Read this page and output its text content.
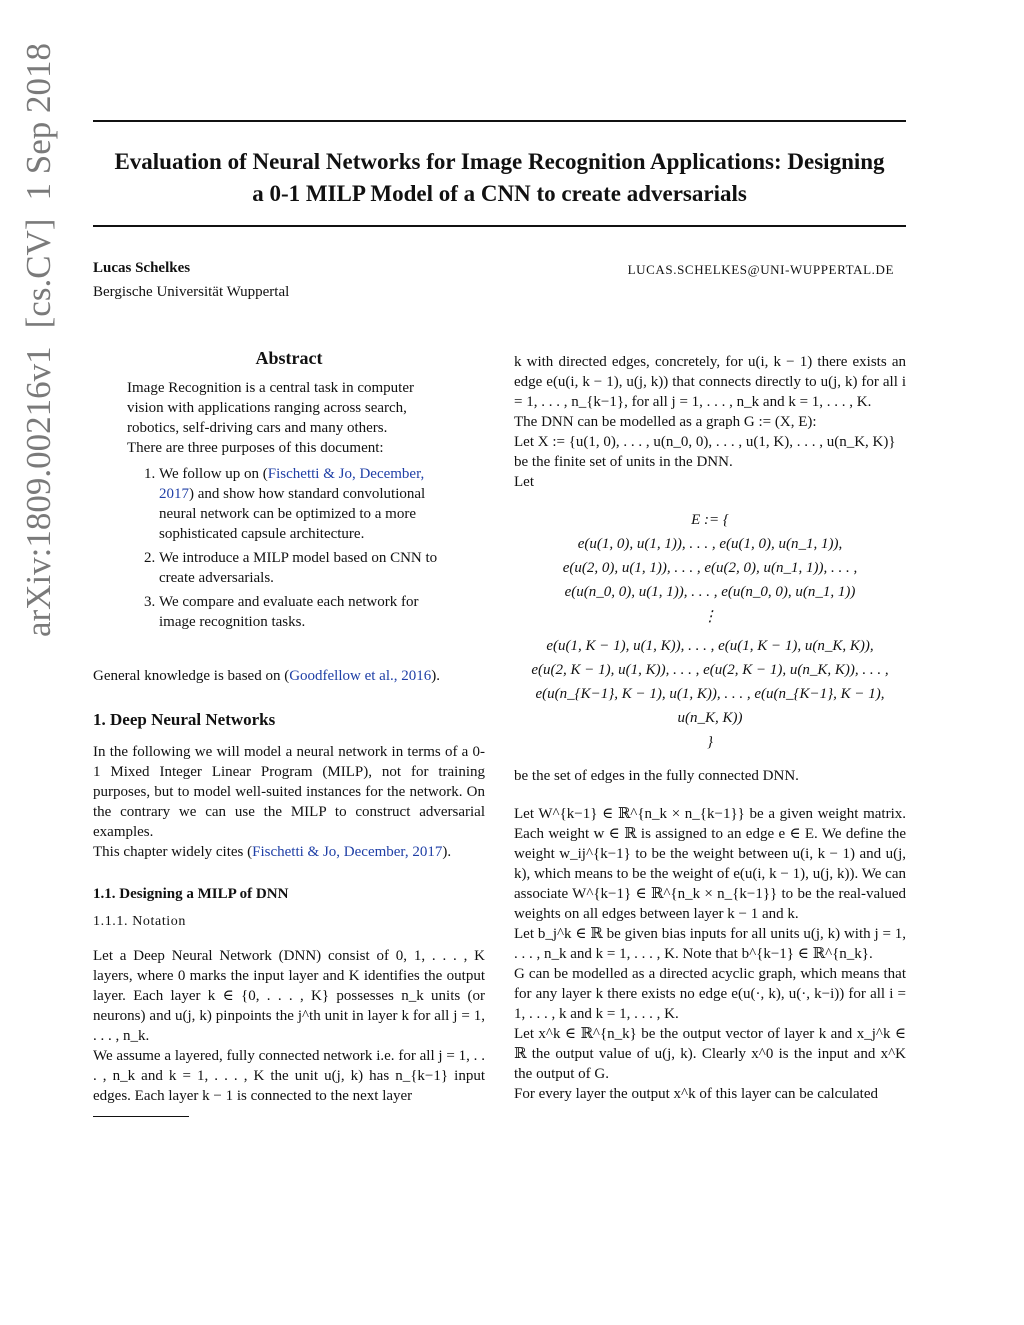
Evaluation of Neural Networks for Image Recognition Applications: Designing
a 0-1 MILP Model of a CNN to create adversarials
Lucas Schelkes	LUCAS.SCHELKES@UNI-WUPPERTAL.DE
Bergische Universität Wuppertal
arXiv:1809.00216v1
[cs.CV]
1 Sep 2018
Abstract

Image Recognition is a central task in computer vision with applications ranging across search, robotics, self-driving cars and many others.

There are three purposes of this document:

1. We follow up on (Fischetti & Jo, December, 2017) and show how standard convolutional neural network can be optimized to a more sophisticated capsule architecture.
2. We introduce a MILP model based on CNN to create adversarials.
3. We compare and evaluate each network for image recognition tasks.

General knowledge is based on (Goodfellow et al., 2016).

1. Deep Neural Networks

In the following we will model a neural network in terms of a 0-1 Mixed Integer Linear Program (MILP), not for training purposes, but to model well-suited instances for the network. On the contrary we can use the MILP to construct adversarial examples.

This chapter widely cites (Fischetti & Jo, December, 2017).

1.1. Designing a MILP of DNN
1.1.1. Notation

Let a Deep Neural Network (DNN) consist of 0, 1, . . . , K layers, where 0 marks the input layer and K identifies the output layer. Each layer k ∈ {0, . . . , K} possesses n_k units (or neurons) and u(j, k) pinpoints the j^th unit in layer k for all j = 1, . . . , n_k.

We assume a layered, fully connected network i.e. for all j = 1, . . . , n_k and k = 1, . . . , K the unit u(j, k) has n_{k−1} input edges. Each layer k − 1 is connected to the next layer

k with directed edges, concretely, for u(i, k − 1) there exists an edge e(u(i, k − 1), u(j, k)) that connects directly to u(j, k) for all i = 1, . . . , n_{k−1}, for all j = 1, . . . , n_k and k = 1, . . . , K.

The DNN can be modelled as a graph G := (X, E):

Let X := {u(1, 0), . . . , u(n_0, 0), . . . , u(1, K), . . . , u(n_K, K)} be the finite set of units in the DNN.

Let

E := {
e(u(1, 0), u(1, 1)), . . . , e(u(1, 0), u(n_1, 1)),
e(u(2, 0), u(1, 1)), . . . , e(u(2, 0), u(n_1, 1)), . . . ,
e(u(n_0, 0), u(1, 1)), . . . , e(u(n_0, 0), u(n_1, 1))
⋮
e(u(1, K − 1), u(1, K)), . . . , e(u(1, K − 1), u(n_K, K)),
e(u(2, K − 1), u(1, K)), . . . , e(u(2, K − 1), u(n_K, K)), . . . ,
e(u(n_{K−1}, K − 1), u(1, K)), . . . , e(u(n_{K−1}, K − 1), u(n_K, K))
}

be the set of edges in the fully connected DNN.

Let W^{k−1} ∈ ℝ^{n_k × n_{k−1}} be a given weight matrix. Each weight w ∈ ℝ is assigned to an edge e ∈ E. We define the weight w_ij^{k−1} to be the weight between u(i, k − 1) and u(j, k), which means to be the weight of e(u(i, k − 1), u(j, k)). We can associate W^{k−1} ∈ ℝ^{n_k × n_{k−1}} to be the real-valued weights on all edges between layer k − 1 and k.

Let b_j^k ∈ ℝ be given bias inputs for all units u(j, k) with j = 1, . . . , n_k and k = 1, . . . , K. Note that b^{k−1} ∈ ℝ^{n_k}.

G can be modelled as a directed acyclic graph, which means that for any layer k there exists no edge e(u(·, k), u(·, k−i)) for all i = 1, . . . , k and k = 1, . . . , K.

Let x^k ∈ ℝ^{n_k} be the output vector of layer k and x_j^k ∈ ℝ the output value of u(j, k). Clearly x^0 is the input and x^K the output of G.

For every layer the output x^k of this layer can be calculated
